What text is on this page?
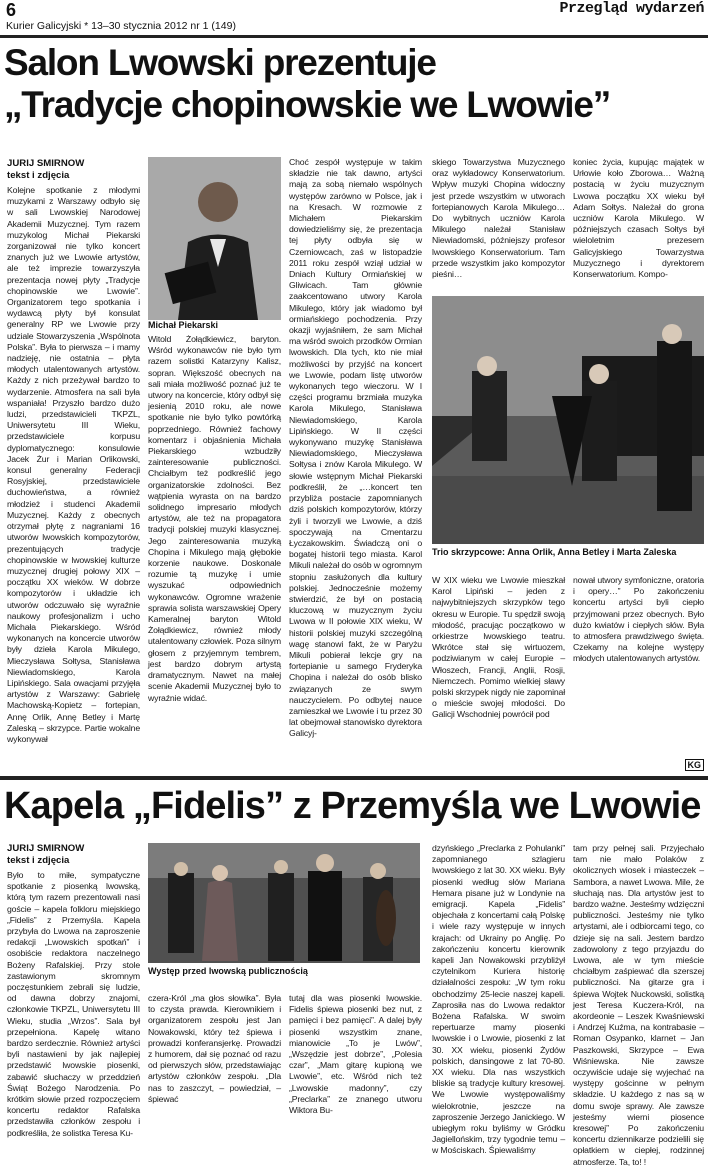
6
Kurier Galicyjski * 13–30 stycznia 2012 nr 1 (149)
Przegląd wydarzeń
Salon Lwowski prezentuje
„Tradycje chopinowskie we Lwowie”
JURIJ SMIRNOW
tekst i zdjęcia
Kolejne spotkanie z młodymi muzykami z Warszawy odbyło się w sali Lwowskiej Narodowej Akademii Muzycznej. Tym razem muzykolog Michał Piekarski zorganizował nie tylko koncert znanych już we Lwowie artystów, ale też imprezie towarzyszyła prezentacja nowej płyty „Tradycje chopinowskie we Lwowie”. Organizatorem tego spotkania i wydawcą płyty był konsulat generalny RP we Lwowie przy udziale Stowarzyszenia „Wspólnota Polska”. Była to pierwsza – i mamy nadzieję, nie ostatnia – płyta młodych utalentowanych artystów. Każdy z nich przeżywał bardzo to wydarzenie. Atmosfera na sali była wspaniała! Przyszło bardzo dużo ludzi, przedstawicieli TKPZL, Uniwersytetu III Wieku, przedstawiciele korpusu dyplomatycznego: konsulowie Jacek Żur i Marian Orlikowski, konsul generalny Federacji Rosyjskiej, przedstawiciele duchowieństwa, a również młodzież i studenci Akademii Muzycznej. Każdy z obecnych otrzymał płytę z nagraniami 16 utworów lwowskich kompozytorów, prezentujących tradycje chopinowskie w lwowskiej kulturze muzycznej drugiej połowy XIX – początku XX wieków. W dobrze kompozytorów i układzie ich utworów odczuwało się wyraźnie naukowy profesjonalizm i ucho Michała Piekarskiego. Wśród wykonanych na koncercie utworów były dzieła Karola Mikulego, Mieczysława Sołtysa, Stanisława Niewiadomskiego, Karola Lipińskiego. Sala owacjami przyjęła artystów z Warszawy: Gabrielę Machowską-Kopietz – fortepian, Annę Orlik, Annę Betley i Martę Zaleską – skrzypce. Partie wokalne wykonywał
Michał Piekarski
Witold Żołądkiewicz, baryton. Wśród wykonawców nie było tym razem solistki Katarzyny Kalisz, sopran. Większość obecnych na sali miała możliwość poznać już te utwory na koncercie, który odbył się jesienią 2010 roku, ale nowe spotkanie nie było tylko powtórką poprzedniego. Również fachowy komentarz i objaśnienia Michała Piekarskiego wzbudziły zainteresowanie publiczności. Chciałbym też podkreślić jego organizatorskie zdolności. Bez wątpienia wyrasta on na bardzo solidnego impresario młodych artystów, ale też na propagatora tradycji polskiej muzyki klasycznej. Jego zainteresowania muzyką Chopina i Mikulego mają głębokie korzenie naukowe. Doskonale rozumie tą muzykę i umie wyszukać odpowiednich wykonawców. Ogromne wrażenie sprawia solista warszawskiej Opery Kameralnej baryton Witold Żołądkiewicz, również młody utalentowany człowiek. Poza silnym głosem z przyjemnym tembrem, jest bardzo dobrym artystą dramatycznym. Nawet na małej scenie Akademii Muzycznej było to wyraźnie widać.
Choć zespół występuje w takim składzie nie tak dawno, artyści mają za sobą niemało wspólnych występów zarówno w Polsce, jak i na Kresach. W rozmowie z Michałem Piekarskim dowiedzieliśmy się, że prezentacja tej płyty odbyła się w Czerniowcach, zaś w listopadzie 2011 roku zespół wziął udział w Dniach Kultury Ormiańskiej w Gliwicach. Tam głównie zaakcentowano utwory Karola Mikulego, który jak wiadomo był ormiańskiego pochodzenia. Przy okazji wyjaśniłem, że sam Michał ma wśród swoich przodków Ormian lwowskich. Dla tych, kto nie miał możliwości by przyjść na koncert we Lwowie, podam listę utworów wykonanych tego wieczoru. W I części programu brzmiała muzyka Karola Mikulego, Stanisława Niewiadomskiego, Karola Lipińskiego. W II części wykonywano muzykę Stanisława Niewiadomskiego, Mieczysława Sołtysa i znów Karola Mikulego. W słowie wstępnym Michał Piekarski podkreślił, że „…koncert ten przybliża postacie zapomnianych dziś polskich kompozytorów, którzy żyli i tworzyli we Lwowie, a dziś spoczywają na Cmentarzu Łyczakowskim. Świadczą oni o bogatej historii tego miasta. Karol Mikuli należał do osób w ogromnym stopniu zasłużonych dla kultury polskiej. Jednocześnie możemy stwierdzić, że był on postacią kluczową w muzycznym życiu Lwowa w II połowie XIX wieku, W historii polskiej muzyki szczególną wagę stanowi fakt, że w Paryżu Mikuli pobierał lekcje gry na fortepianie u samego Fryderyka Chopina i należał do osób blisko związanych ze swym nauczycielem. Po odbytej nauce zamieszkał we Lwowie i tu przez 30 lat obejmował stanowisko dyrektora Galicyj-
skiego Towarzystwa Muzycznego oraz wykładowcy Konserwatorium. Wpływ muzyki Chopina widoczny jest przede wszystkim w utworach fortepianowych Karola Mikulego… Do wybitnych uczniów Karola Mikulego należał Stanisław Niewiadomski, późniejszy profesor lwowskiego Konserwatorium. Tam przede wszystkim jako kompozytor pieśni…
koniec życia, kupując majątek w Urłowie koło Zborowa… Ważną postacią w życiu muzycznym Lwowa początku XX wieku był Adam Sołtys. Należał do grona uczniów Karola Mikulego. W późniejszych czasach Sołtys był wieloletnim prezesem Galicyjskiego Towarzystwa Muzycznego i dyrektorem Konserwatorium. Kompo-
Trio skrzypcowe: Anna Orlik, Anna Betley i Marta Zaleska
W XIX wieku we Lwowie mieszkał Karol Lipiński – jeden z najwybitniejszych skrzypków tego okresu w Europie. Tu spędził swoją młodość, pracując początkowo w orkiestrze lwowskiego teatru. Wkrótce stał się wirtuozem, podziwianym w całej Europie – Włoszech, Francji, Anglii, Rosji, Niemczech. Pomimo wielkiej sławy polski skrzypek nigdy nie zapominał o mieście swojej młodości. Do Galicji Wschodniej powrócił pod
nował utwory symfoniczne, oratoria i opery…” Po zakończeniu koncertu artyści byli ciepło przyjmowani przez obecnych. Było dużo kwiatów i ciepłych słów. Była to atmosfera prawdziwego święta. Czekamy na kolejne występy młodych utalentowanych artystów.
KG
Kapela „Fidelis” z Przemyśla we Lwowie
JURIJ SMIRNOW
tekst i zdjęcia
Było to miłe, sympatyczne spotkanie z piosenką lwowską, którą tym razem prezentowali nasi goście – kapela folkloru miejskiego „Fidelis” z Przemyśla. Kapela przybyła do Lwowa na zaproszenie redakcji „Lwowskich spotkań” i osobiście redaktora naczelnego Bożeny Rafalskiej. Przy stole zastawionym skromnym poczęstunkiem zebrali się ludzie, od dawna dobrzy znajomi, członkowie TKPZL, Uniwersytetu III Wieku, studia „Wrzos”. Sala był przepełniona. Kapelę witano bardzo serdecznie. Również artyści byli nastawieni by jak najlepiej przedstawić lwowskie piosenki, zabawić słuchaczy w przeddzień Świąt Bożego Narodzenia. Po krótkim słowie przed rozpoczęciem koncertu redaktor Rafalska przedstawiła członków zespołu i podkreśliła, że solistka Teresa Ku-
Występ przed lwowską publicznością
czera-Król „ma głos słowika”. Była to czysta prawda. Kierownikiem i organizatorem zespołu jest Jan Nowakowski, który też śpiewa i prowadzi konferansjerkę. Prowadzi z humorem, dał się poznać od razu od pierwszych słów, przedstawiając artystów członków zespołu. „Dla nas to zaszczyt, – powiedział, – śpiewać
tutaj dla was piosenki lwowskie. Fidelis śpiewa piosenki bez nut, z pamięci i bez pamięci”. A dalej były piosenki wszystkim znane, mianowicie „To je Lwów”, „Wszędzie jest dobrze”, „Polesia czar”, „Mam gitarę kupioną we Lwowie”, etc. Wśród nich też „Lwowskie madonny”, czy „Preclarka” ze znanego utworu Wiktora Bu-
dzyńskiego „Preclarka z Pohulanki” zapomnianego szlagieru lwowskiego z lat 30. XX wieku. Były piosenki według słów Mariana Hemara pisane już w Londynie na emigracji. Kapela „Fidelis” objechała z koncertami całą Polskę i wiele razy występuje w innych krajach: od Ukrainy po Anglię. Po zakończeniu koncertu kierownik kapeli Jan Nowakowski przybliżył czytelnikom Kuriera historię działalności zespołu: „W tym roku obchodzimy 25-lecie naszej kapeli. Zaprosiła nas do Lwowa redaktor Bożena Rafalska. W swoim repertuarze mamy piosenki lwowskie i o Lwowie, piosenki z lat 30. XX wieku, piosenki Żydów polskich, dansingowe z lat 70-80. XX wieku. Dla nas wszystkich bliskie są tradycje kultury kresowej. We Lwowie występowaliśmy wielokrotnie, jeszcze na zaproszenie Jerzego Janickiego. W ubiegłym roku byliśmy w Gródku Jagiellońskim, trzy tygodnie temu – w Mościskach. Śpiewaliśmy
tam przy pełnej sali. Przyjechało tam nie mało Polaków z okolicznych wiosek i miasteczek – Sambora, a nawet Lwowa. Mile, że słuchają nas. Dla artystów jest to bardzo ważne. Jesteśmy wdzięczni publiczności. Jesteśmy nie tylko artystami, ale i odbiorcami tego, co dzieje się na sali. Jestem bardzo zadowolony z tego przyjazdu do Lwowa, ale w tym mieście chciałbym zaśpiewać dla szerszej publiczności. Na gitarze gra i śpiewa Wojtek Nuckowski, solistką jest Teresa Kuczera-Król, na akordeonie – Leszek Kwaśniewski i Andrzej Kuźma, na kontrabasie – Roman Osypanko, klarnet – Jan Paszkowski, Skrzypce – Ewa Wiśniewska. Nie zawsze oczywiście udaje się wyjechać na występy gościnne w pełnym składzie. U każdego z nas są w domu swoje sprawy. Ale zawsze jesteśmy wierni piosence kresowej” Po zakończeniu koncertu dziennikarze podzielili się opłatkiem w ciepłej, rodzinnej atmosferze. Ta, to! !
